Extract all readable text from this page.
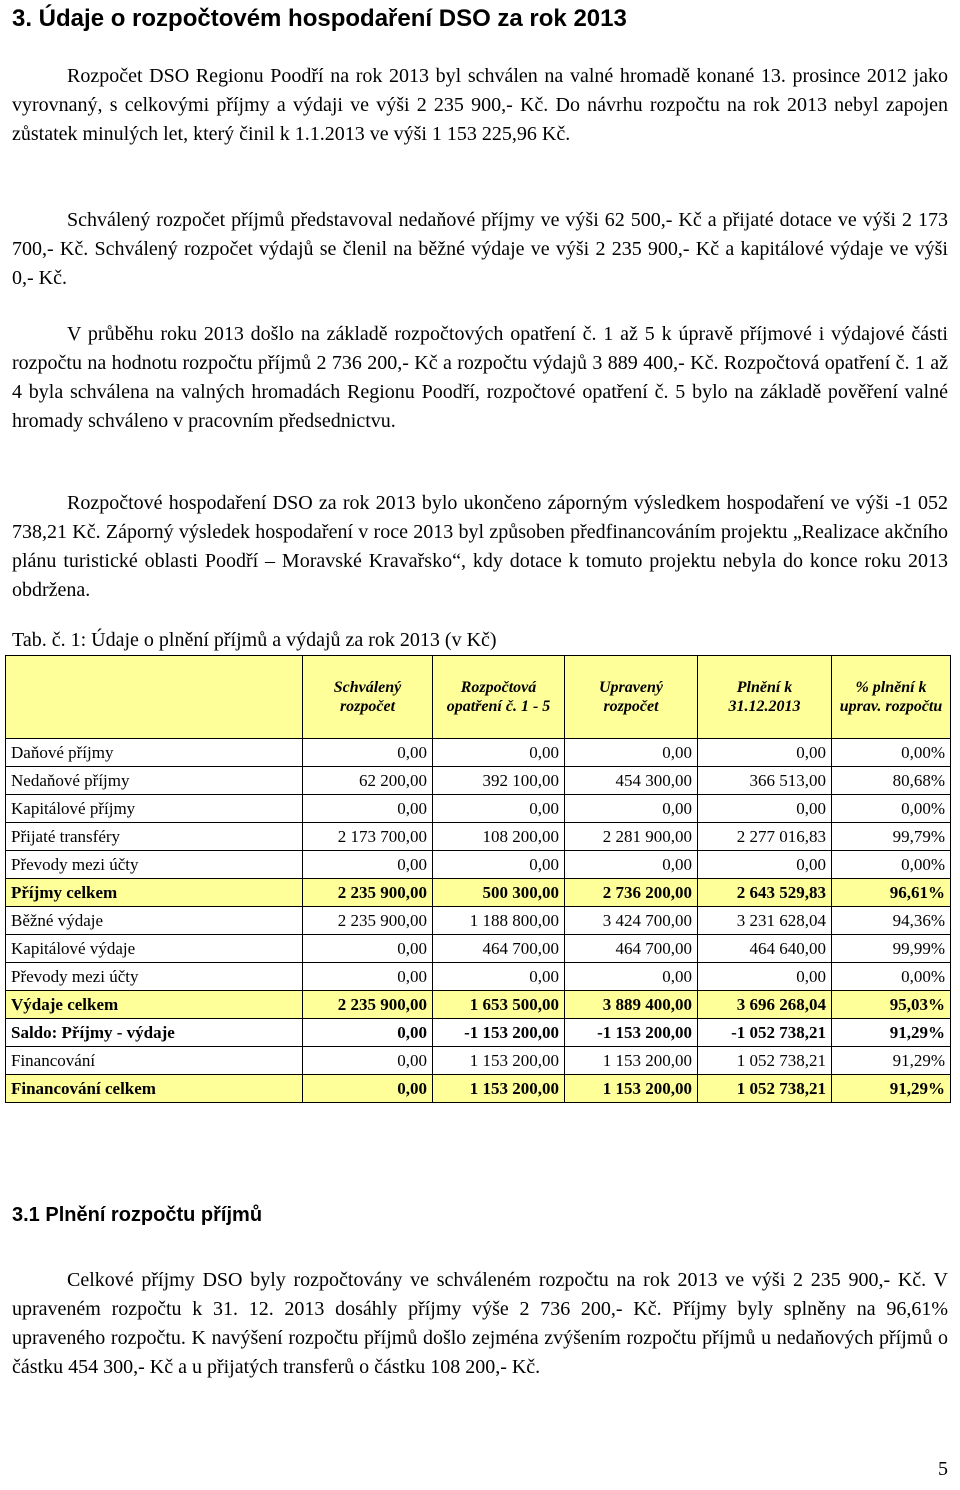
3. Údaje o rozpočtovém hospodaření DSO za rok 2013

Rozpočet DSO Regionu Poodří na rok 2013 byl schválen na valné hromadě konané 13. prosince 2012 jako vyrovnaný, s celkovými příjmy a výdaji ve výši 2 235 900,- Kč. Do návrhu rozpočtu na rok 2013 nebyl zapojen zůstatek minulých let, který činil k 1.1.2013 ve výši 1 153 225,96 Kč.

Schválený rozpočet příjmů představoval nedaňové příjmy ve výši 62 500,- Kč a přijaté dotace ve výši 2 173 700,- Kč. Schválený rozpočet výdajů se členil na běžné výdaje ve výši 2 235 900,- Kč a kapitálové výdaje ve výši 0,- Kč.

V průběhu roku 2013 došlo na základě rozpočtových opatření č. 1 až 5 k úpravě příjmové i výdajové části rozpočtu na hodnotu rozpočtu příjmů 2 736 200,- Kč a rozpočtu výdajů 3 889 400,- Kč. Rozpočtová opatření č. 1 až 4 byla schválena na valných hromadách Regionu Poodří, rozpočtové opatření č. 5 bylo na základě pověření valné hromady schváleno v pracovním předsednictvu.

Rozpočtové hospodaření DSO za rok 2013 bylo ukončeno záporným výsledkem hospodaření ve výši -1 052 738,21 Kč. Záporný výsledek hospodaření v roce 2013 byl způsoben předfinancováním projektu „Realizace akčního plánu turistické oblasti Poodří – Moravské Kravařsko“, kdy dotace k tomuto projektu nebyla do konce roku 2013 obdržena.

Tab. č. 1: Údaje o plnění příjmů a výdajů za rok 2013 (v Kč)
	Schválený rozpočet	Rozpočtová opatření č. 1 - 5	Upravený rozpočet	Plnění k 31.12.2013	% plnění k uprav. rozpočtu
Daňové příjmy	0,00	0,00	0,00	0,00	0,00%
Nedaňové příjmy	62 200,00	392 100,00	454 300,00	366 513,00	80,68%
Kapitálové příjmy	0,00	0,00	0,00	0,00	0,00%
Přijaté transféry	2 173 700,00	108 200,00	2 281 900,00	2 277 016,83	99,79%
Převody mezi účty	0,00	0,00	0,00	0,00	0,00%
Příjmy celkem	2 235 900,00	500 300,00	2 736 200,00	2 643 529,83	96,61%
Běžné výdaje	2 235 900,00	1 188 800,00	3 424 700,00	3 231 628,04	94,36%
Kapitálové výdaje	0,00	464 700,00	464 700,00	464 640,00	99,99%
Převody mezi účty	0,00	0,00	0,00	0,00	0,00%
Výdaje celkem	2 235 900,00	1 653 500,00	3 889 400,00	3 696 268,04	95,03%
Saldo: Příjmy - výdaje	0,00	-1 153 200,00	-1 153 200,00	-1 052 738,21	91,29%
Financování	0,00	1 153 200,00	1 153 200,00	1 052 738,21	91,29%
Financování celkem	0,00	1 153 200,00	1 153 200,00	1 052 738,21	91,29%
3.1 Plnění rozpočtu příjmů

Celkové příjmy DSO byly rozpočtovány ve schváleném rozpočtu na rok 2013 ve výši 2 235 900,- Kč. V upraveném rozpočtu k 31. 12. 2013 dosáhly příjmy výše 2 736 200,- Kč. Příjmy byly splněny na 96,61% upraveného rozpočtu. K navýšení rozpočtu příjmů došlo zejména zvýšením rozpočtu příjmů u nedaňových příjmů o částku 454 300,- Kč a u přijatých transferů o částku 108 200,- Kč.

5
